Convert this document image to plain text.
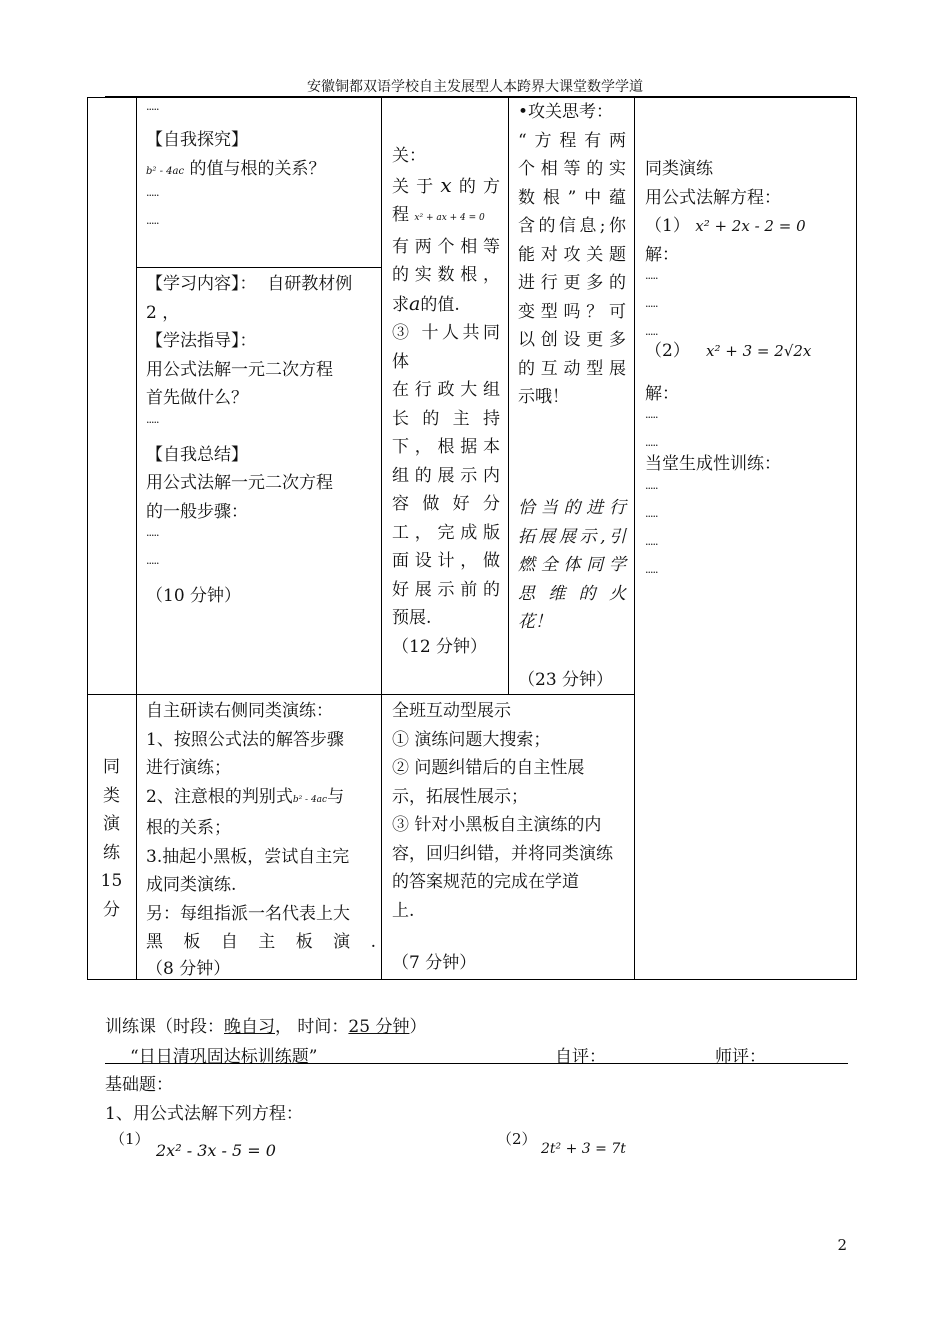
安徽铜都双语学校自主发展型人本跨界大课堂数学学道
.....
【自我探究】
b² - 4ac 的值与根的关系？
.....
.....
【学习内容】： 自研教材例
2 ，
【学法指导】：
用公式法解一元二次方程
首先做什么？
.....
【自我总结】
用公式法解一元二次方程
的一般步骤：
.....
.....
（10 分钟）
关：
关于x的方
程 x² + ax + 4 = 0
有两个相等
的实数根，
求a的值.
③ 十人共同
体
在行政大组
长 的 主 持
下，根据本
组的展示内
容 做 好 分
工，完成版
面设计，做
好展示前的
预展.
（12 分钟）
•攻关思考：
“方程有两
个相等的实
数根”中蕴
含的信息;你
能对攻关题
进行更多的
变型吗？可
以创设更多
的互动型展
示哦！
恰当的进行
拓展展示,引
燃全体同学
思 维 的 火
花！
（23 分钟）
同类演练
用公式法解方程：
（1） x² + 2x - 2 = 0
解：
.....
.....
.....
（2） x² + 3 = 2√2x
解：
.....
.....
当堂生成性训练：
.....
.....
.....
.....
同
类
演
练
15
分
自主研读右侧同类演练：
1、按照公式法的解答步骤
进行演练；
2、注意根的判别式b² - 4ac与
根的关系；
3.抽起小黑板，尝试自主完
成同类演练.
另：每组指派一名代表上大
黑 板 自 主 板 演 .
（8 分钟）
全班互动型展示
① 演练问题大搜索；
② 问题纠错后的自主性展
示，拓展性展示；
③ 针对小黑板自主演练的内
容，回归纠错，并将同类演练
的答案规范的完成在学道
上.
（7 分钟）
训练课（时段：晚自习， 时间：25 分钟）
“日日清巩固达标训练题”	自评：	师评：
基础题：
1、用公式法解下列方程：
（1）
2x² - 3x - 5 = 0
（2）
2t² + 3 = 7t
2
